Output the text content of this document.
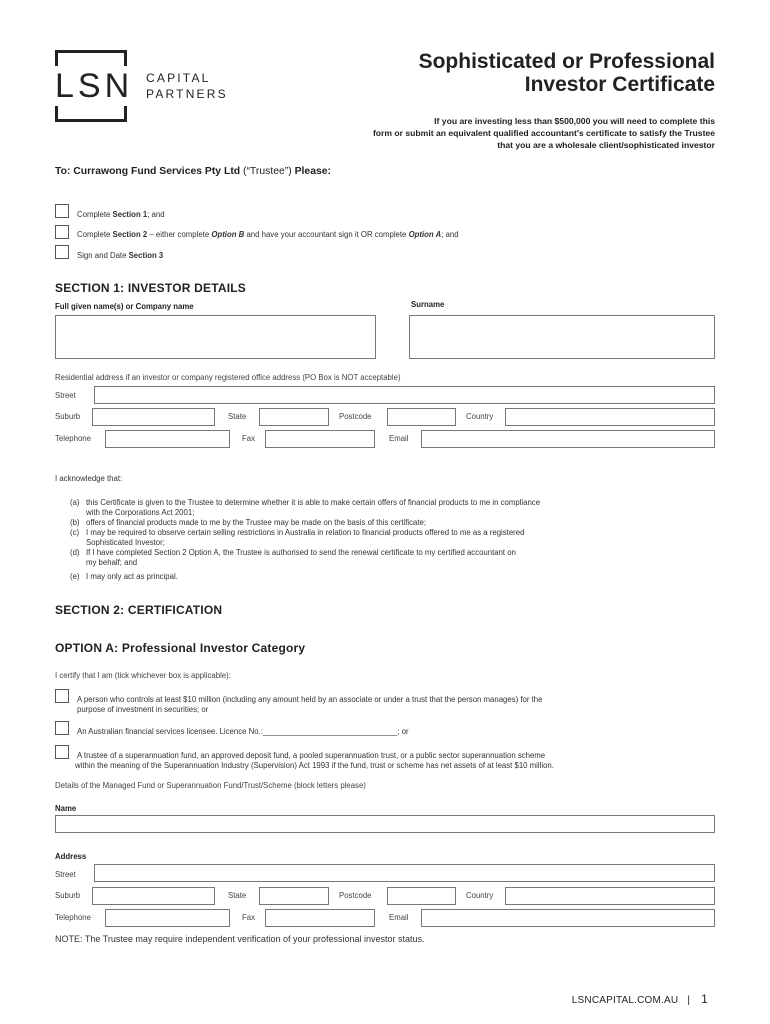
LSN CAPITAL
PARTNERS
Sophisticated or Professional
Investor Certificate
If you are investing less than $500,000 you will need to complete this
form or submit an equivalent qualified accountant's certificate to satisfy the Trustee
that you are a wholesale client/sophisticated investor
To: Currawong Fund Services Pty Ltd (“Trustee”) Please:
Complete Section 1; and
Complete Section 2 – either complete Option B and have your accountant sign it OR complete Option A; and
Sign and Date Section 3
SECTION 1: INVESTOR DETAILS
Full given name(s) or Company name	Surname
Residential address if an investor or company registered office address (PO Box is NOT acceptable)
Street
Suburb	State	Postcode	Country
Telephone	Fax	Email
I acknowledge that:
(a) this Certificate is given to the Trustee to determine whether it is able to make certain offers of financial products to me in compliance
with the Corporations Act 2001;
(b) offers of financial products made to me by the Trustee may be made on the basis of this certificate;
(c) I may be required to observe certain selling restrictions in Australia in relation to financial products offered to me as a registered
Sophisticated Investor;
(d) If I have completed Section 2 Option A, the Trustee is authorised to send the renewal certificate to my certified accountant on
my behalf; and
(e) I may only act as principal.
SECTION 2: CERTIFICATION
OPTION A: Professional Investor Category
I certify that I am (tick whichever box is applicable):
A person who controls at least $10 million (including any amount held by an associate or under a trust that the person manages) for the
purpose of investment in securities; or
An Australian financial services licensee. Licence No.:_______________________________; or
A trustee of a superannuation fund, an approved deposit fund, a pooled superannuation trust, or a public sector superannuation scheme
within the meaning of the Superannuation Industry (Supervision) Act 1993 if the fund, trust or scheme has net assets of at least $10 million.
Details of the Managed Fund or Superannuation Fund/Trust/Scheme (block letters please)
Name
Address
Street
Suburb	State	Postcode	Country
Telephone	Fax	Email
NOTE: The Trustee may require independent verification of your professional investor status.
LSNCAPITAL.COM.AU | 1
